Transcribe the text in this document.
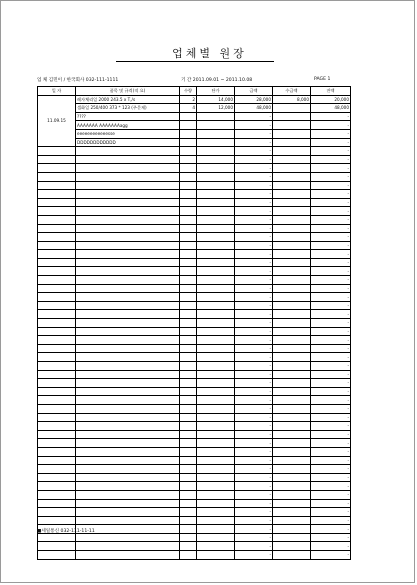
업체별 원장
업 체 김민이 / 한국회사 032-111-1111	기 간 2011.09.01 ~ 2011.10.08	PAGE 1
일 자	품목 및 규격(적 요)	수량	단가	금액	수금액	잔액
11.09.15	레자체리일 2000 243.5 x T,/s	2	14,000	28,000	8,000	20,000
	셀화일 250/400 373 * 123 (주문제)	4	12,000	48,000		48,000
	????			-		-
	AAAAAAA AAAAAAAagg			-		-
	eeeeeeeeeeeesse			-		-
	DDDDDDDDDDDD			-		-
				-		-
				-		-
				-		-
				-		-
				-		-
				-		-
				-		-
				-		-
				-		-
				-		-
				-		-
				-		-
				-		-
				-		-
				-		-
				-		-
				-		-
				-		-
				-		-
				-		-
				-		-
				-		-
				-		-
				-		-
				-		-
				-		-
				-		-
				-		-
				-		-
				-		-
				-		-
				-		-
				-		-
				-		-
				-		-
				-		-
				-		-
				-		-
				-		-
				-		-
				-		-
				-		-
				-		-
				-		-
				-		-
				-		-
				-		-
				-		-
■세일통신 032-111-11-11
